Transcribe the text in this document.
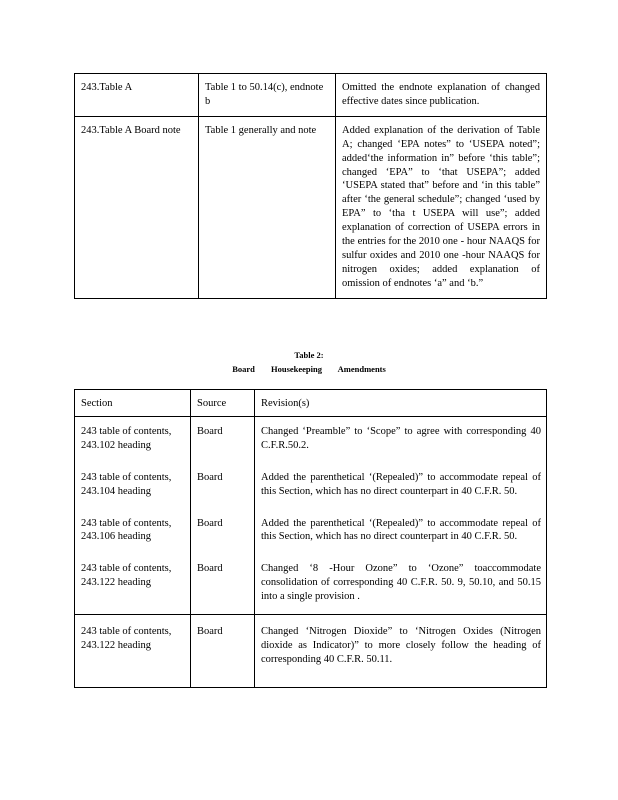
243.Table A	Table 1 to 50.14(c), endnote b	Omitted the endnote explanation of changed effective dates since publication.
243.Table A Board note	Table 1 generally and note	Added explanation of the derivation of Table A; changed ‘EPA notes” to ‘USEPA noted”; added‘the information in” before ‘this table”; changed ‘EPA” to ‘that USEPA”; added ‘USEPA stated that” before and ‘in this table” after ‘the general schedule”; changed ‘used by EPA” to ‘tha t USEPA will use”; added explanation of correction of USEPA errors in the entries for the 2010 one - hour NAAQS for sulfur oxides and 2010 one -hour NAAQS for nitrogen oxides; added explanation of omission of endnotes ‘a” and ‘b.”
Table 2:
Board Housekeeping Amendments
Section	Source	Revision(s)
243 table of contents, 243.102 heading	Board	Changed ‘Preamble” to ‘Scope” to agree with corresponding 40 C.F.R.50.2.
243 table of contents, 243.104 heading	Board	Added the parenthetical ‘(Repealed)” to accommodate repeal of this Section, which has no direct counterpart in 40 C.F.R. 50.
243 table of contents, 243.106 heading	Board	Added the parenthetical ‘(Repealed)” to accommodate repeal of this Section, which has no direct counterpart in 40 C.F.R. 50.
243 table of contents, 243.122 heading	Board	Changed ‘8 -Hour Ozone” to ‘Ozone” toaccommodate consolidation of corresponding 40 C.F.R. 50. 9, 50.10, and 50.15 into a single provision .
243 table of contents, 243.122 heading	Board	Changed ‘Nitrogen Dioxide” to ‘Nitrogen Oxides (Nitrogen dioxide as Indicator)” to more closely follow the heading of corresponding 40 C.F.R. 50.11.
